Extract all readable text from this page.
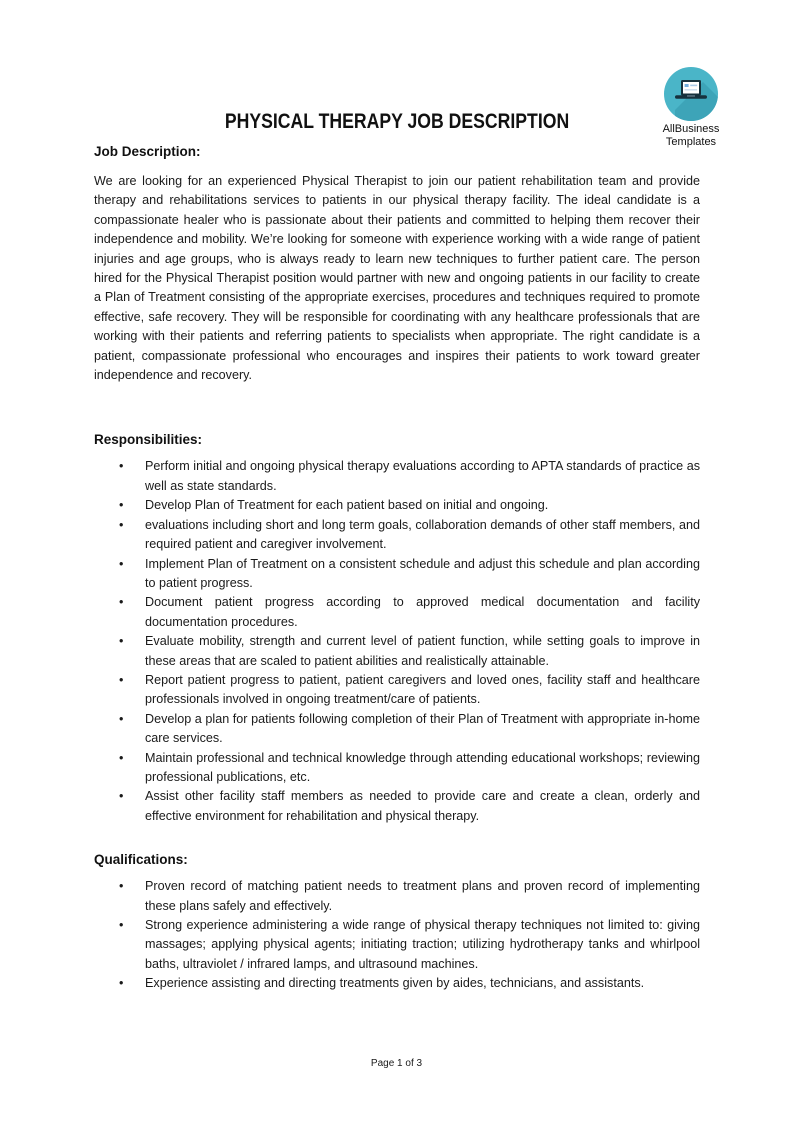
AllBusiness
Templates
PHYSICAL THERAPY JOB DESCRIPTION
Job Description:

We are looking for an experienced Physical Therapist to join our patient rehabilitation team and provide therapy and rehabilitations services to patients in our physical therapy facility. The ideal candidate is a compassionate healer who is passionate about their patients and committed to helping them recover their independence and mobility. We’re looking for someone with experience working with a wide range of patient injuries and age groups, who is always ready to learn new techniques to further patient care. The person hired for the Physical Therapist position would partner with new and ongoing patients in our facility to create a Plan of Treatment consisting of the appropriate exercises, procedures and techniques required to promote effective, safe recovery. They will be responsible for coordinating with any healthcare professionals that are working with their patients and referring patients to specialists when appropriate. The right candidate is a patient, compassionate professional who encourages and inspires their patients to work toward greater independence and recovery.

Responsibilities:
• Perform initial and ongoing physical therapy evaluations according to APTA standards of practice as well as state standards.
• Develop Plan of Treatment for each patient based on initial and ongoing.
• evaluations including short and long term goals, collaboration demands of other staff members, and required patient and caregiver involvement.
• Implement Plan of Treatment on a consistent schedule and adjust this schedule and plan according to patient progress.
• Document patient progress according to approved medical documentation and facility documentation procedures.
• Evaluate mobility, strength and current level of patient function, while setting goals to improve in these areas that are scaled to patient abilities and realistically attainable.
• Report patient progress to patient, patient caregivers and loved ones, facility staff and healthcare professionals involved in ongoing treatment/care of patients.
• Develop a plan for patients following completion of their Plan of Treatment with appropriate in-home care services.
• Maintain professional and technical knowledge through attending educational workshops; reviewing professional publications, etc.
• Assist other facility staff members as needed to provide care and create a clean, orderly and effective environment for rehabilitation and physical therapy.
Qualifications:
• Proven record of matching patient needs to treatment plans and proven record of implementing these plans safely and effectively.
• Strong experience administering a wide range of physical therapy techniques not limited to: giving massages; applying physical agents; initiating traction; utilizing hydrotherapy tanks and whirlpool baths, ultraviolet / infrared lamps, and ultrasound machines.
• Experience assisting and directing treatments given by aides, technicians, and assistants.
Page 1 of 3
